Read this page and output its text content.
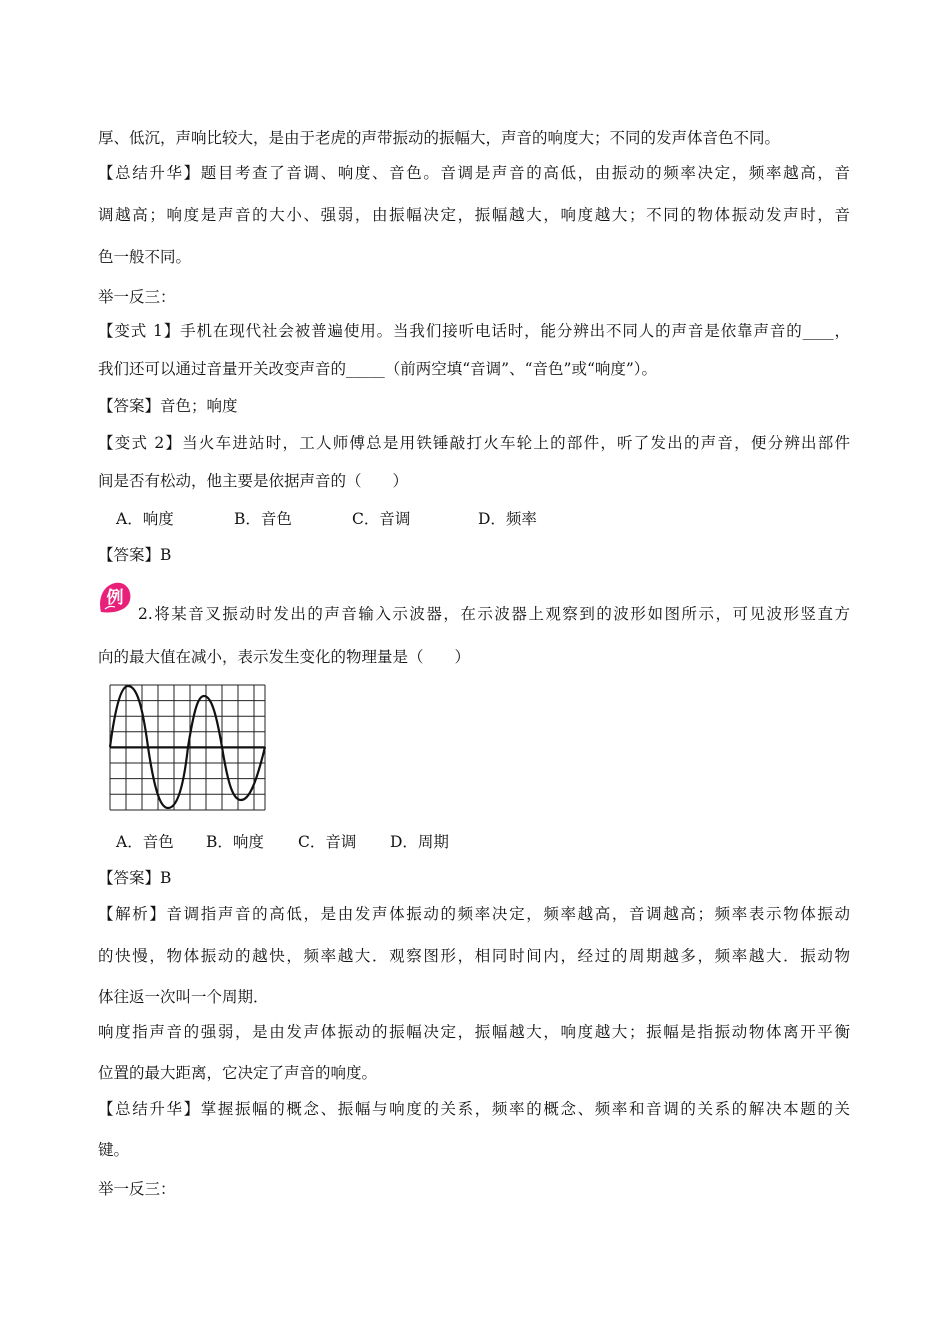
厚、低沉，声响比较大，是由于老虎的声带振动的振幅大，声音的响度大；不同的发声体音色不同。
【总结升华】题目考查了音调、响度、音色。音调是声音的高低，由振动的频率决定，频率越高，音
调越高；响度是声音的大小、强弱，由振幅决定，振幅越大，响度越大；不同的物体振动发声时，音
色一般不同。
举一反三：
【变式 1】手机在现代社会被普遍使用。当我们接听电话时，能分辨出不同人的声音是依靠声音的____，
我们还可以通过音量开关改变声音的_____（前两空填“音调”、“音色”或“响度”）。
【答案】音色；响度
【变式 2】当火车进站时，工人师傅总是用铁锤敲打火车轮上的部件，听了发出的声音，便分辨出部件
间是否有松动，他主要是依据声音的（　　）
A．响度	B．音色	C．音调	D．频率
【答案】B
例
2.将某音叉振动时发出的声音输入示波器，在示波器上观察到的波形如图所示，可见波形竖直方
向的最大值在减小，表示发生变化的物理量是（　　）
A．音色 B．响度 C．音调 D．周期
【答案】B
【解析】音调指声音的高低，是由发声体振动的频率决定，频率越高，音调越高；频率表示物体振动
的快慢，物体振动的越快，频率越大．观察图形，相同时间内，经过的周期越多，频率越大．振动物
体往返一次叫一个周期．
响度指声音的强弱，是由发声体振动的振幅决定，振幅越大，响度越大；振幅是指振动物体离开平衡
位置的最大距离，它决定了声音的响度。
【总结升华】掌握振幅的概念、振幅与响度的关系，频率的概念、频率和音调的关系的解决本题的关
键。
举一反三：
